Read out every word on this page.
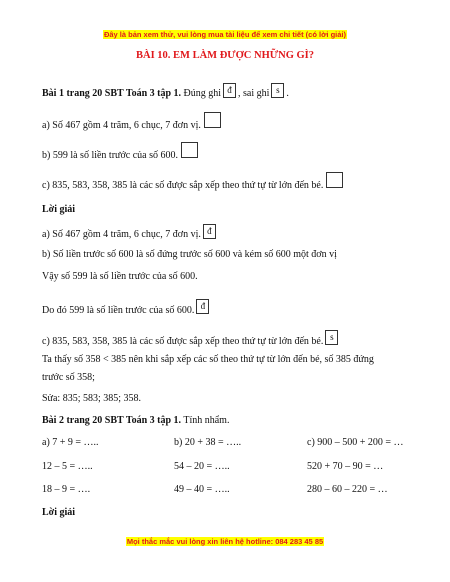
Đây là bản xem thử, vui lòng mua tài liệu để xem chi tiết (có lời giải)
BÀI 10. EM LÀM ĐƯỢC NHỮNG GÌ?
Bài 1 trang 20 SBT Toán 3 tập 1. Đúng ghi đ , sai ghi s .
a) Số 467 gồm 4 trăm, 6 chục, 7 đơn vị.
b) 599 là số liền trước của số 600.
c) 835, 583, 358, 385 là các số được sắp xếp theo thứ tự từ lớn đến bé.
Lời giải
a) Số 467 gồm 4 trăm, 6 chục, 7 đơn vị. đ
b) Số liền trước số 600 là số đứng trước số 600 và kém số 600 một đơn vị
Vậy số 599 là số liền trước của số 600.
Do đó 599 là số liền trước của số 600. đ
c) 835, 583, 358, 385 là các số được sắp xếp theo thứ tự từ lớn đến bé. s
Ta thấy số 358 < 385 nên khi sắp xếp các số theo thứ tự từ lớn đến bé, số 385 đứng
trước số 358;
Sửa: 835; 583; 385; 358.
Bài 2 trang 20 SBT Toán 3 tập 1. Tính nhẩm.
a) 7 + 9 = …..	b) 20 + 38 = …..	c) 900 – 500 + 200 = …
12 – 5 = …..	54 – 20 = …..	520 + 70 – 90 = …
18 – 9 = ….	49 – 40 = …..	280 – 60 – 220 = …
Lời giải
Mọi thắc mắc vui lòng xin liên hệ hotline: 084 283 45 85
